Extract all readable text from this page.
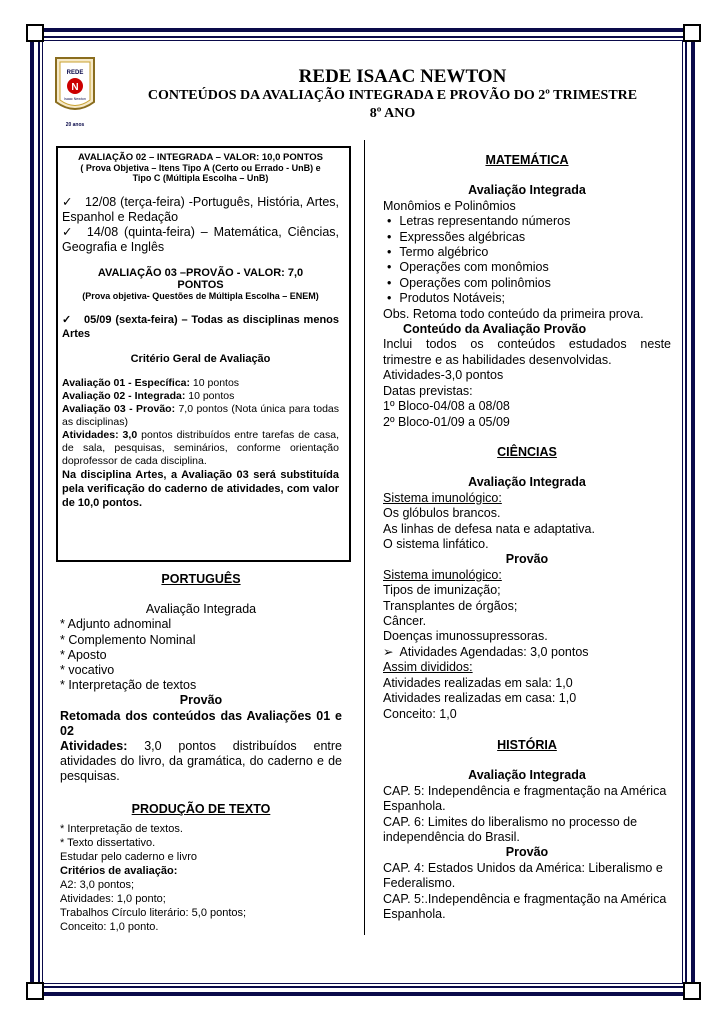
REDE
N
Isaac Newton
20 anos
REDE ISAAC NEWTON
CONTEÚDOS DA AVALIAÇÃO INTEGRADA E PROVÃO DO 2º TRIMESTRE
8º ANO

AVALIAÇÃO 02 – INTEGRADA – VALOR: 10,0 PONTOS

( Prova Objetiva – Itens Tipo A (Certo ou Errado - UnB) e Tipo C (Múltipla Escolha – UnB)

✓ 12/08 (terça-feira) -Português, História, Artes, Espanhol e Redação

✓ 14/08 (quinta-feira) – Matemática, Ciências, Geografia e Inglês

AVALIAÇÃO 03 –PROVÃO - VALOR: 7,0 PONTOS

(Prova objetiva- Questões de Múltipla Escolha – ENEM)

✓ 05/09 (sexta-feira) – Todas as disciplinas menos Artes

Critério Geral de Avaliação

Avaliação 01 - Específica: 10 pontos

Avaliação 02 - Integrada: 10 pontos

Avaliação 03 - Provão: 7,0 pontos (Nota única para todas as disciplinas)

Atividades: 3,0 pontos distribuídos entre tarefas de casa, de sala, pesquisas, seminários, conforme orientação doprofessor de cada disciplina.

Na disciplina Artes, a Avaliação 03 será substituída pela verificação do caderno de atividades, com valor de 10,0 pontos.

PORTUGUÊS

Avaliação Integrada

* Adjunto adnominal

* Complemento Nominal

* Aposto

* vocativo

* Interpretação de textos

Provão

Retomada dos conteúdos das Avaliações 01 e 02

Atividades: 3,0 pontos distribuídos entre atividades do livro, da gramática, do caderno e de pesquisas.

PRODUÇÃO DE TEXTO

* Interpretação de textos.

* Texto dissertativo.

Estudar pelo caderno e livro

Critérios de avaliação:

A2: 3,0 pontos;

Atividades: 1,0 ponto;

Trabalhos Círculo literário: 5,0 pontos;

Conceito: 1,0 ponto.

MATEMÁTICA

Avaliação Integrada

Monômios e Polinômios

• Letras representando números
• Expressões algébricas
• Termo algébrico
• Operações com monômios
• Operações com polinômios
• Produtos Notáveis;

Obs. Retoma todo conteúdo da primeira prova.

Conteúdo da Avaliação Provão

Inclui todos os conteúdos estudados neste trimestre e as habilidades desenvolvidas.

Atividades-3,0 pontos

Datas previstas:

1º Bloco-04/08 a 08/08

2º Bloco-01/09 a 05/09

CIÊNCIAS

Avaliação Integrada

Sistema imunológico:

Os glóbulos brancos.

As linhas de defesa nata e adaptativa.

O sistema linfático.

Provão

Sistema imunológico:

Tipos de imunização;

Transplantes de órgãos;

Câncer.

Doenças imunossupressoras.

➢ Atividades Agendadas: 3,0 pontos

Assim divididos:

Atividades realizadas em sala: 1,0

Atividades realizadas em casa: 1,0

Conceito: 1,0

HISTÓRIA

Avaliação Integrada

CAP. 5: Independência e fragmentação na América Espanhola.

CAP. 6: Limites do liberalismo no processo de independência do Brasil.

Provão

CAP. 4: Estados Unidos da América: Liberalismo e Federalismo.

CAP. 5:.Independência e fragmentação na América Espanhola.
